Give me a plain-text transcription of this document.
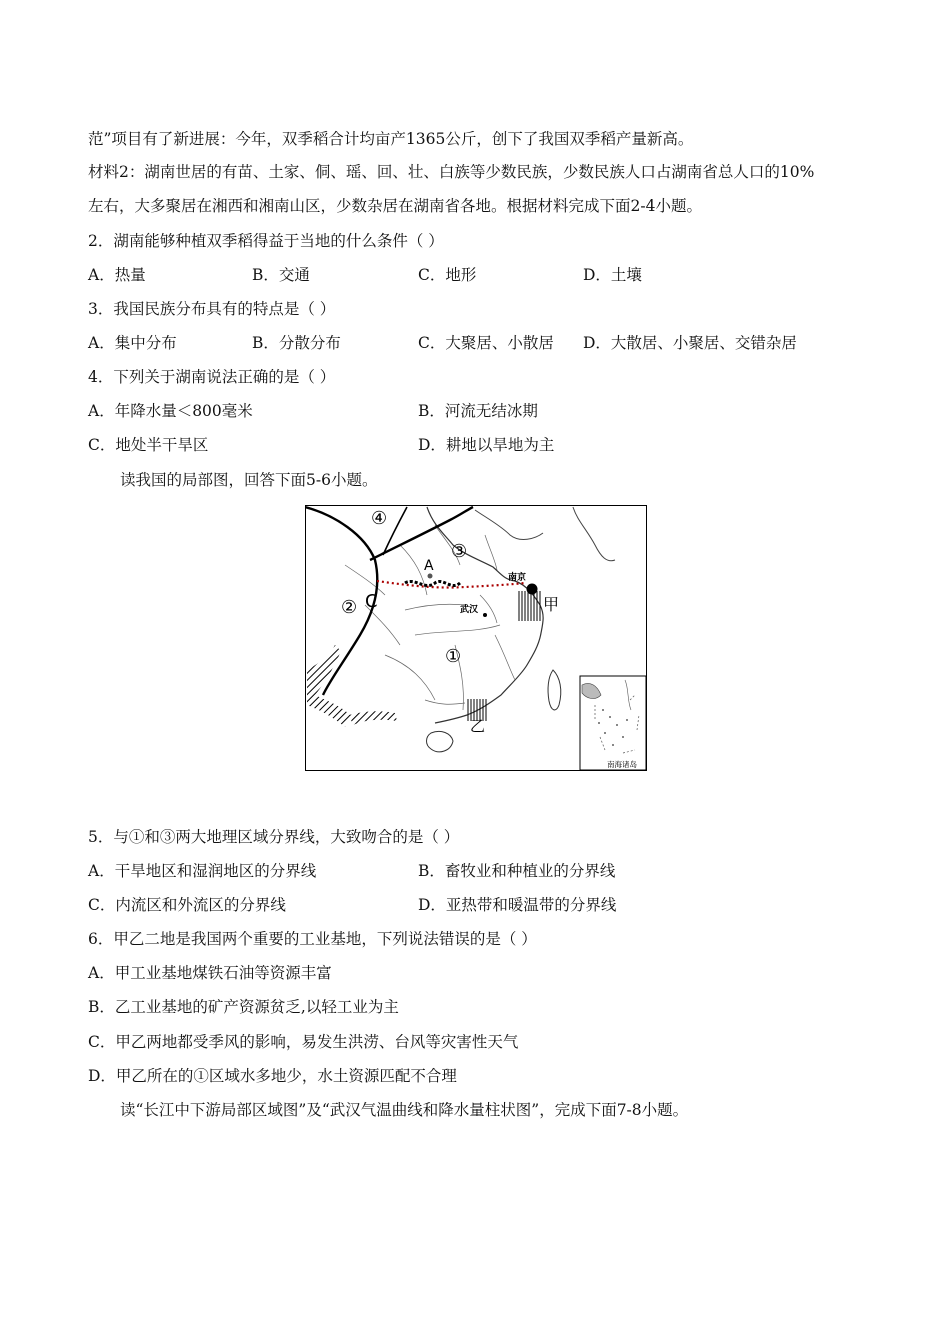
范”项目有了新进展：今年，双季稻合计均亩产1365公斤，创下了我国双季稻产量新高。
材料2：湖南世居的有苗、土家、侗、瑶、回、壮、白族等少数民族，少数民族人口占湖南省总人口的10%
左右，大多聚居在湘西和湘南山区，少数杂居在湖南省各地。根据材料完成下面2-4小题。
2．湖南能够种植双季稻得益于当地的什么条件（ ）
A．热量	B．交通	C．地形	D．土壤
3．我国民族分布具有的特点是（ ）
A．集中分布	B．分散分布	C．大聚居、小散居 D．大散居、小聚居、交错杂居
4．下列关于湖南说法正确的是（ ）
A．年降水量＜800毫米	B．河流无结冰期
C．地处半干旱区	D．耕地以旱地为主
读我国的局部图，回答下面5-6小题。
④
③
②
①
A
C
南京
武汉	甲
乙
南海诸岛
5．与①和③两大地理区域分界线，大致吻合的是（ ）
A．干旱地区和湿润地区的分界线	B．畜牧业和种植业的分界线
C．内流区和外流区的分界线	D．亚热带和暖温带的分界线
6．甲乙二地是我国两个重要的工业基地，下列说法错误的是（ ）
A．甲工业基地煤铁石油等资源丰富
B．乙工业基地的矿产资源贫乏,以轻工业为主
C．甲乙两地都受季风的影响，易发生洪涝、台风等灾害性天气
D．甲乙所在的①区域水多地少，水土资源匹配不合理
读“长江中下游局部区域图”及“武汉气温曲线和降水量柱状图”，完成下面7-8小题。
